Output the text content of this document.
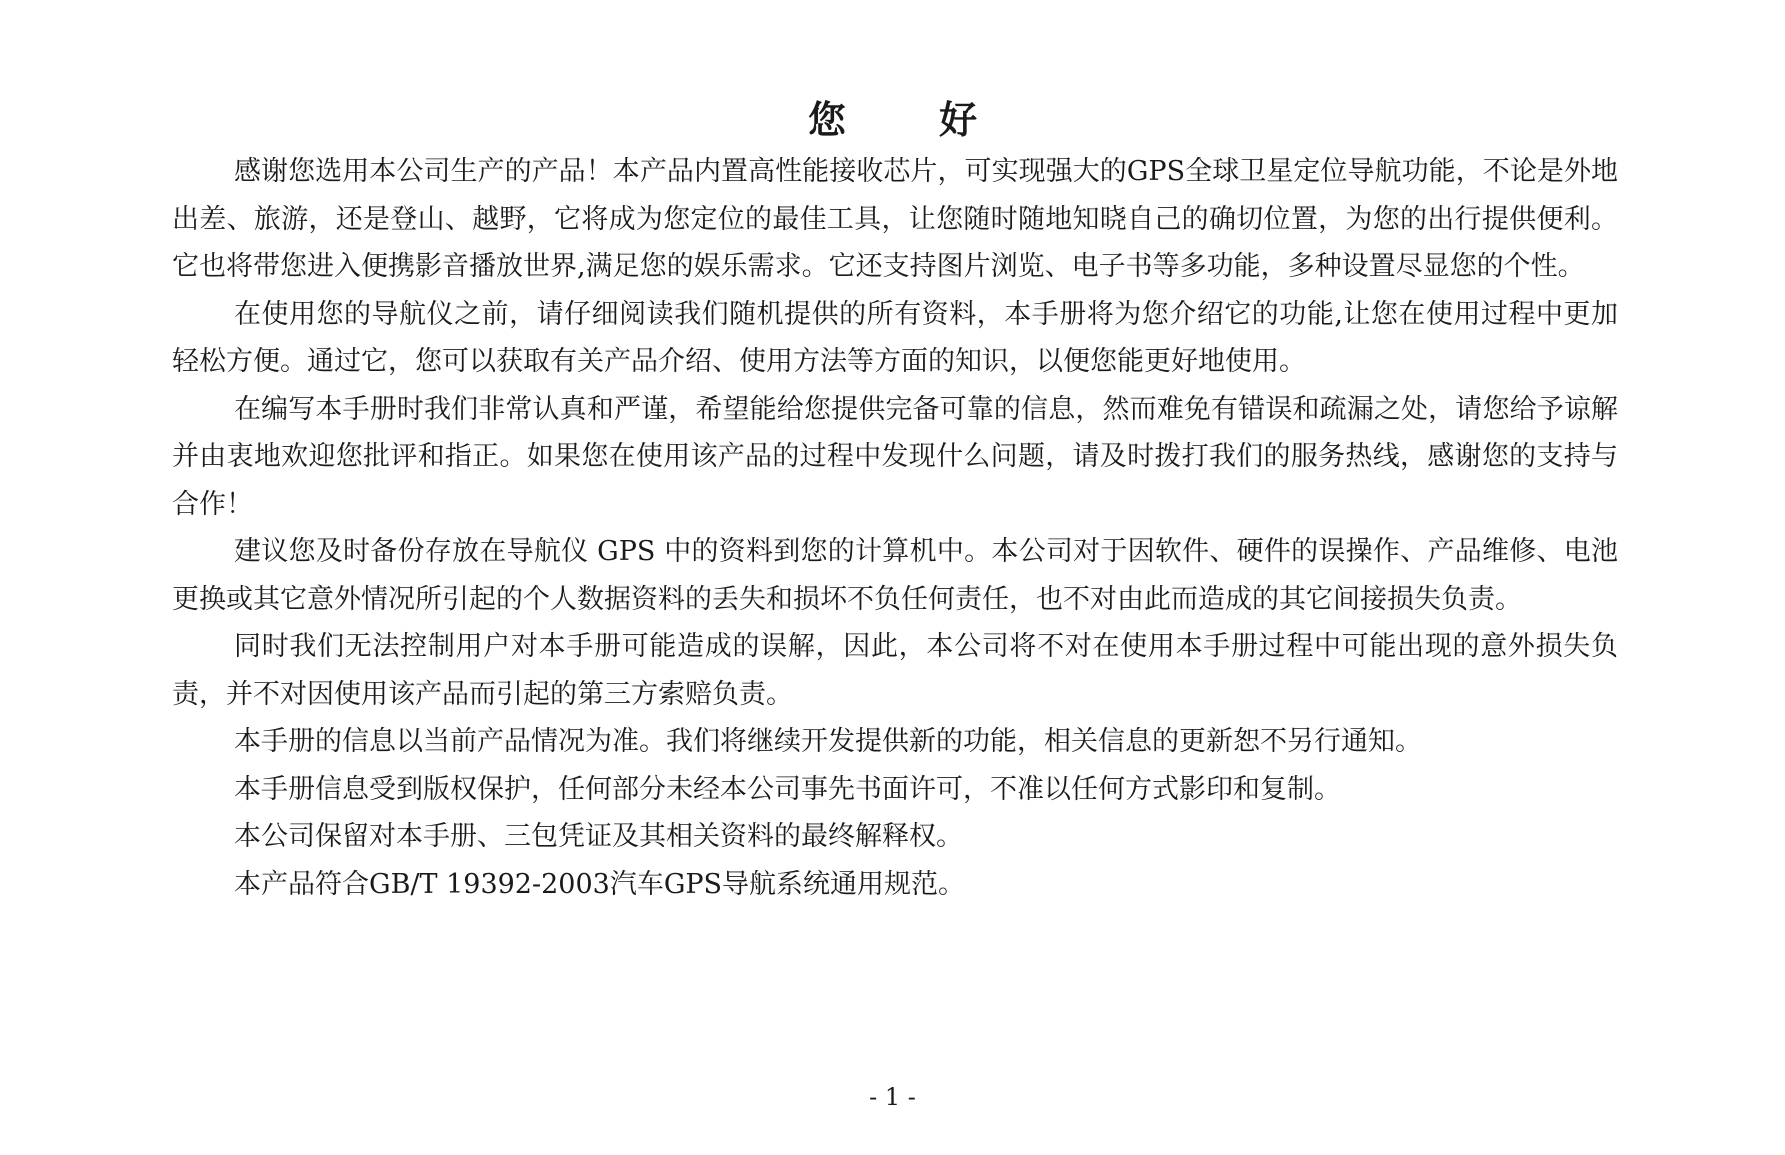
您 好

感谢您选用本公司生产的产品！本产品内置高性能接收芯片，可实现强大的GPS全球卫星定位导航功能，不论是外地出差、旅游，还是登山、越野，它将成为您定位的最佳工具，让您随时随地知晓自己的确切位置，为您的出行提供便利。它也将带您进入便携影音播放世界,满足您的娱乐需求。它还支持图片浏览、电子书等多功能，多种设置尽显您的个性。

在使用您的导航仪之前，请仔细阅读我们随机提供的所有资料，本手册将为您介绍它的功能,让您在使用过程中更加轻松方便。通过它，您可以获取有关产品介绍、使用方法等方面的知识，以便您能更好地使用。

在编写本手册时我们非常认真和严谨，希望能给您提供完备可靠的信息，然而难免有错误和疏漏之处，请您给予谅解并由衷地欢迎您批评和指正。如果您在使用该产品的过程中发现什么问题，请及时拨打我们的服务热线，感谢您的支持与合作！

建议您及时备份存放在导航仪 GPS 中的资料到您的计算机中。本公司对于因软件、硬件的误操作、产品维修、电池更换或其它意外情况所引起的个人数据资料的丢失和损坏不负任何责任，也不对由此而造成的其它间接损失负责。

同时我们无法控制用户对本手册可能造成的误解，因此，本公司将不对在使用本手册过程中可能出现的意外损失负责，并不对因使用该产品而引起的第三方索赔负责。

本手册的信息以当前产品情况为准。我们将继续开发提供新的功能，相关信息的更新恕不另行通知。

本手册信息受到版权保护，任何部分未经本公司事先书面许可，不准以任何方式影印和复制。

本公司保留对本手册、三包凭证及其相关资料的最终解释权。

本产品符合GB/T 19392-2003汽车GPS导航系统通用规范。

- 1 -
